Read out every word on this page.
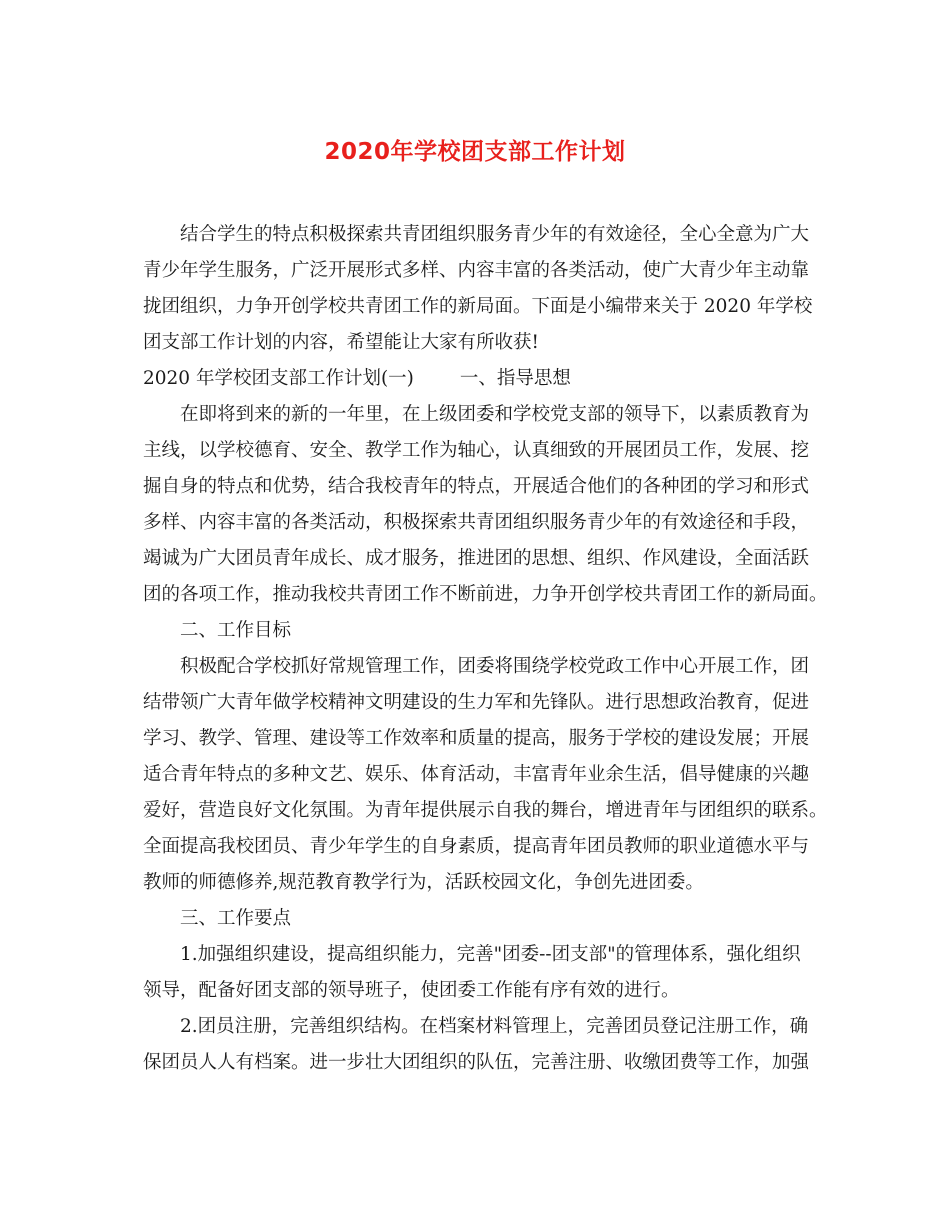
2020年学校团支部工作计划
结合学生的特点积极探索共青团组织服务青少年的有效途径，全心全意为广大
青少年学生服务，广泛开展形式多样、内容丰富的各类活动，使广大青少年主动靠
拢团组织，力争开创学校共青团工作的新局面。下面是小编带来关于 2020 年学校
团支部工作计划的内容，希望能让大家有所收获!
2020 年学校团支部工作计划(一) 一、指导思想
在即将到来的新的一年里，在上级团委和学校党支部的领导下，以素质教育为
主线，以学校德育、安全、教学工作为轴心，认真细致的开展团员工作，发展、挖
掘自身的特点和优势，结合我校青年的特点，开展适合他们的各种团的学习和形式
多样、内容丰富的各类活动，积极探索共青团组织服务青少年的有效途径和手段，
竭诚为广大团员青年成长、成才服务，推进团的思想、组织、作风建设，全面活跃
团的各项工作，推动我校共青团工作不断前进，力争开创学校共青团工作的新局面。
二、工作目标
积极配合学校抓好常规管理工作，团委将围绕学校党政工作中心开展工作，团
结带领广大青年做学校精神文明建设的生力军和先锋队。进行思想政治教育，促进
学习、教学、管理、建设等工作效率和质量的提高，服务于学校的建设发展；开展
适合青年特点的多种文艺、娱乐、体育活动，丰富青年业余生活，倡导健康的兴趣
爱好，营造良好文化氛围。为青年提供展示自我的舞台，增进青年与团组织的联系。
全面提高我校团员、青少年学生的自身素质，提高青年团员教师的职业道德水平与
教师的师德修养,规范教育教学行为，活跃校园文化，争创先进团委。
三、工作要点
1.加强组织建设，提高组织能力，完善"团委--团支部"的管理体系，强化组织
领导，配备好团支部的领导班子，使团委工作能有序有效的进行。
2.团员注册，完善组织结构。在档案材料管理上，完善团员登记注册工作，确
保团员人人有档案。进一步壮大团组织的队伍，完善注册、收缴团费等工作，加强
